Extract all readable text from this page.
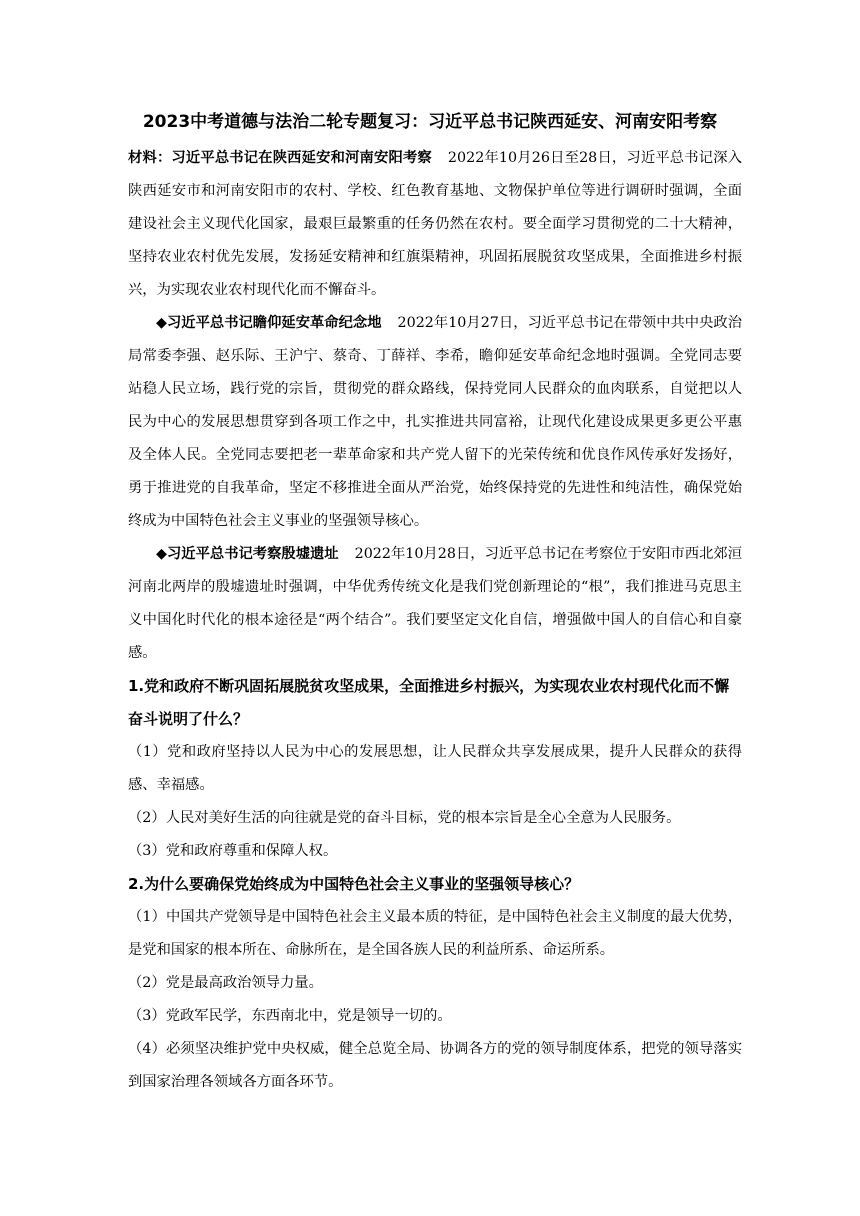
2023中考道德与法治二轮专题复习：习近平总书记陕西延安、河南安阳考察

材料：习近平总书记在陕西延安和河南安阳考察 2022年10月26日至28日，习近平总书记深入陕西延安市和河南安阳市的农村、学校、红色教育基地、文物保护单位等进行调研时强调，全面建设社会主义现代化国家，最艰巨最繁重的任务仍然在农村。要全面学习贯彻党的二十大精神，坚持农业农村优先发展，发扬延安精神和红旗渠精神，巩固拓展脱贫攻坚成果，全面推进乡村振兴，为实现农业农村现代化而不懈奋斗。

◆习近平总书记瞻仰延安革命纪念地 2022年10月27日，习近平总书记在带领中共中央政治局常委李强、赵乐际、王沪宁、蔡奇、丁薛祥、李希，瞻仰延安革命纪念地时强调。全党同志要站稳人民立场，践行党的宗旨，贯彻党的群众路线，保持党同人民群众的血肉联系，自觉把以人民为中心的发展思想贯穿到各项工作之中，扎实推进共同富裕，让现代化建设成果更多更公平惠及全体人民。全党同志要把老一辈革命家和共产党人留下的光荣传统和优良作风传承好发扬好，勇于推进党的自我革命，坚定不移推进全面从严治党，始终保持党的先进性和纯洁性，确保党始终成为中国特色社会主义事业的坚强领导核心。

◆习近平总书记考察殷墟遗址 2022年10月28日，习近平总书记在考察位于安阳市西北郊洹河南北两岸的殷墟遗址时强调，中华优秀传统文化是我们党创新理论的“根”，我们推进马克思主义中国化时代化的根本途径是“两个结合”。我们要坚定文化自信，增强做中国人的自信心和自豪感。

1.党和政府不断巩固拓展脱贫攻坚成果，全面推进乡村振兴，为实现农业农村现代化而不懈奋斗说明了什么？

（1）党和政府坚持以人民为中心的发展思想，让人民群众共享发展成果，提升人民群众的获得感、幸福感。

（2）人民对美好生活的向往就是党的奋斗目标，党的根本宗旨是全心全意为人民服务。

（3）党和政府尊重和保障人权。

2.为什么要确保党始终成为中国特色社会主义事业的坚强领导核心？

（1）中国共产党领导是中国特色社会主义最本质的特征，是中国特色社会主义制度的最大优势，是党和国家的根本所在、命脉所在，是全国各族人民的利益所系、命运所系。

（2）党是最高政治领导力量。

（3）党政军民学，东西南北中，党是领导一切的。

（4）必须坚决维护党中央权威，健全总览全局、协调各方的党的领导制度体系，把党的领导落实到国家治理各领域各方面各环节。
